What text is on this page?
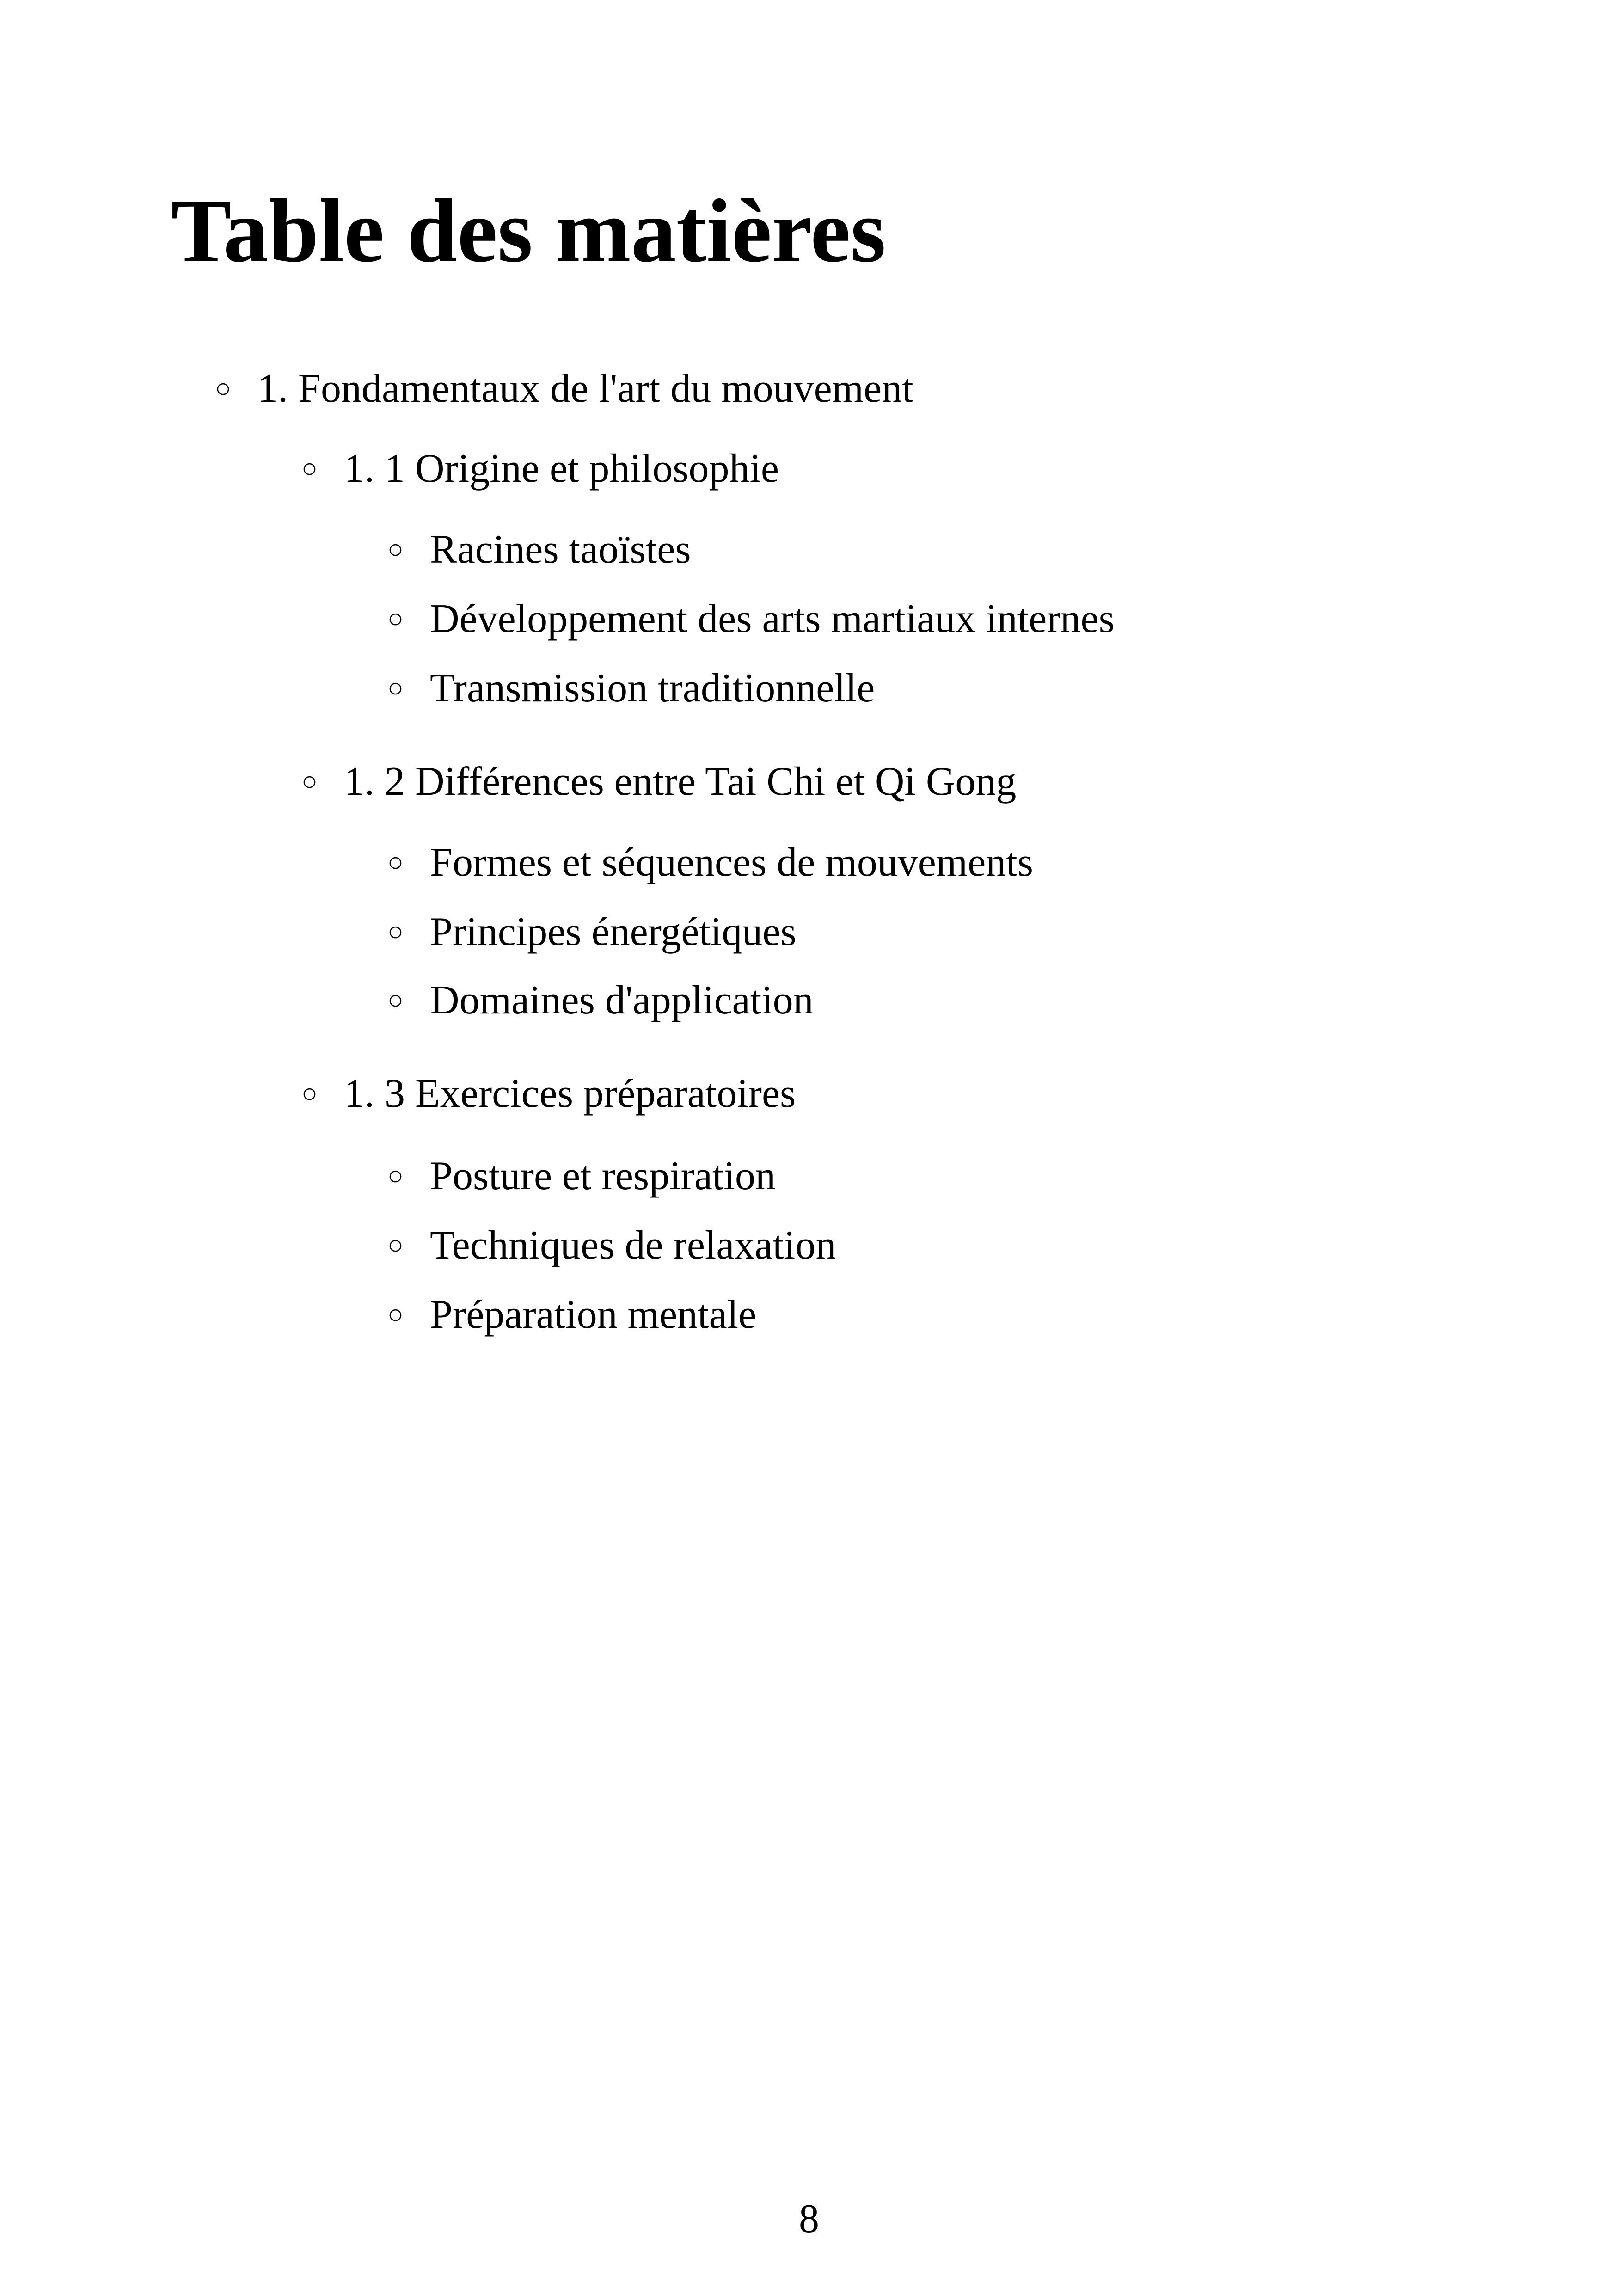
Table des matières
○ 1. Fondamentaux de l'art du mouvement
○ 1. 1 Origine et philosophie
○ Racines taoïstes
○ Développement des arts martiaux internes
○ Transmission traditionnelle
○ 1. 2 Différences entre Tai Chi et Qi Gong
○ Formes et séquences de mouvements
○ Principes énergétiques
○ Domaines d'application
○ 1. 3 Exercices préparatoires
○ Posture et respiration
○ Techniques de relaxation
○ Préparation mentale
8
